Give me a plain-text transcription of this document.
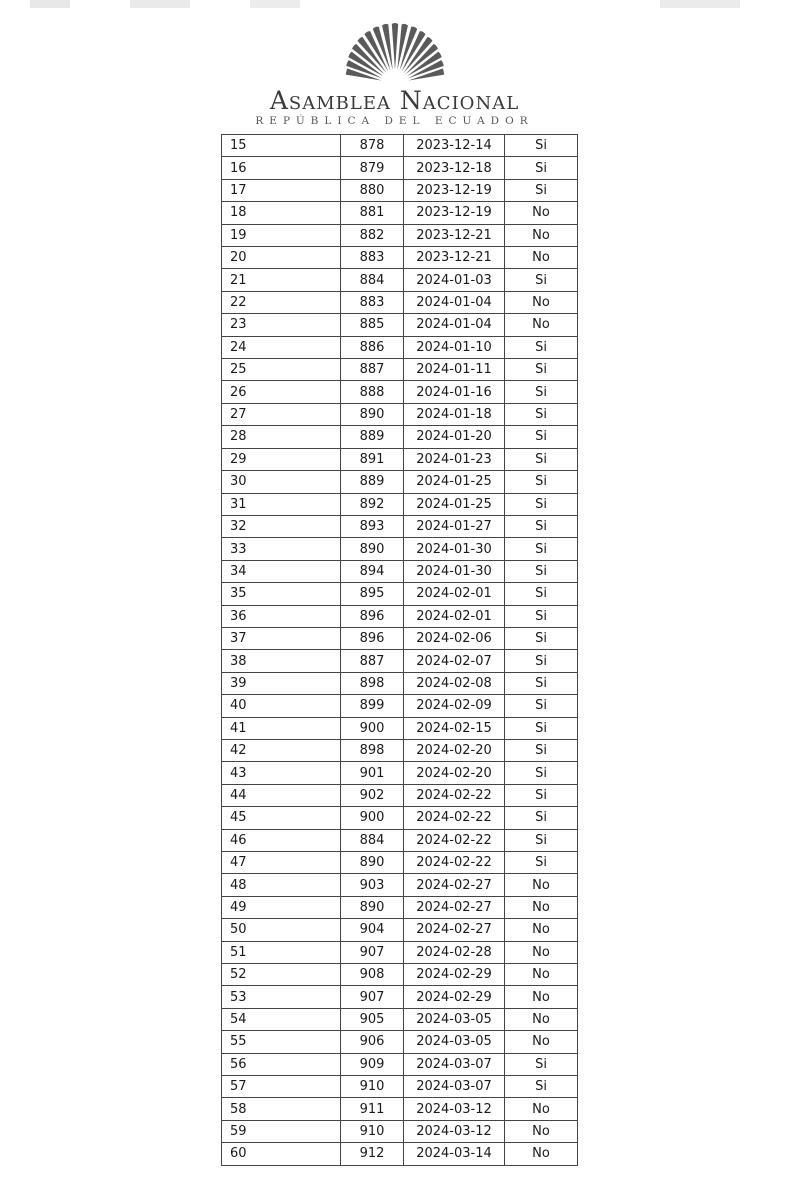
Asamblea Nacional
REPÚBLICA DEL ECUADOR
15	878	2023-12-14	Si
16	879	2023-12-18	Si
17	880	2023-12-19	Si
18	881	2023-12-19	No
19	882	2023-12-21	No
20	883	2023-12-21	No
21	884	2024-01-03	Si
22	883	2024-01-04	No
23	885	2024-01-04	No
24	886	2024-01-10	Si
25	887	2024-01-11	Si
26	888	2024-01-16	Si
27	890	2024-01-18	Si
28	889	2024-01-20	Si
29	891	2024-01-23	Si
30	889	2024-01-25	Si
31	892	2024-01-25	Si
32	893	2024-01-27	Si
33	890	2024-01-30	Si
34	894	2024-01-30	Si
35	895	2024-02-01	Si
36	896	2024-02-01	Si
37	896	2024-02-06	Si
38	887	2024-02-07	Si
39	898	2024-02-08	Si
40	899	2024-02-09	Si
41	900	2024-02-15	Si
42	898	2024-02-20	Si
43	901	2024-02-20	Si
44	902	2024-02-22	Si
45	900	2024-02-22	Si
46	884	2024-02-22	Si
47	890	2024-02-22	Si
48	903	2024-02-27	No
49	890	2024-02-27	No
50	904	2024-02-27	No
51	907	2024-02-28	No
52	908	2024-02-29	No
53	907	2024-02-29	No
54	905	2024-03-05	No
55	906	2024-03-05	No
56	909	2024-03-07	Si
57	910	2024-03-07	Si
58	911	2024-03-12	No
59	910	2024-03-12	No
60	912	2024-03-14	No
